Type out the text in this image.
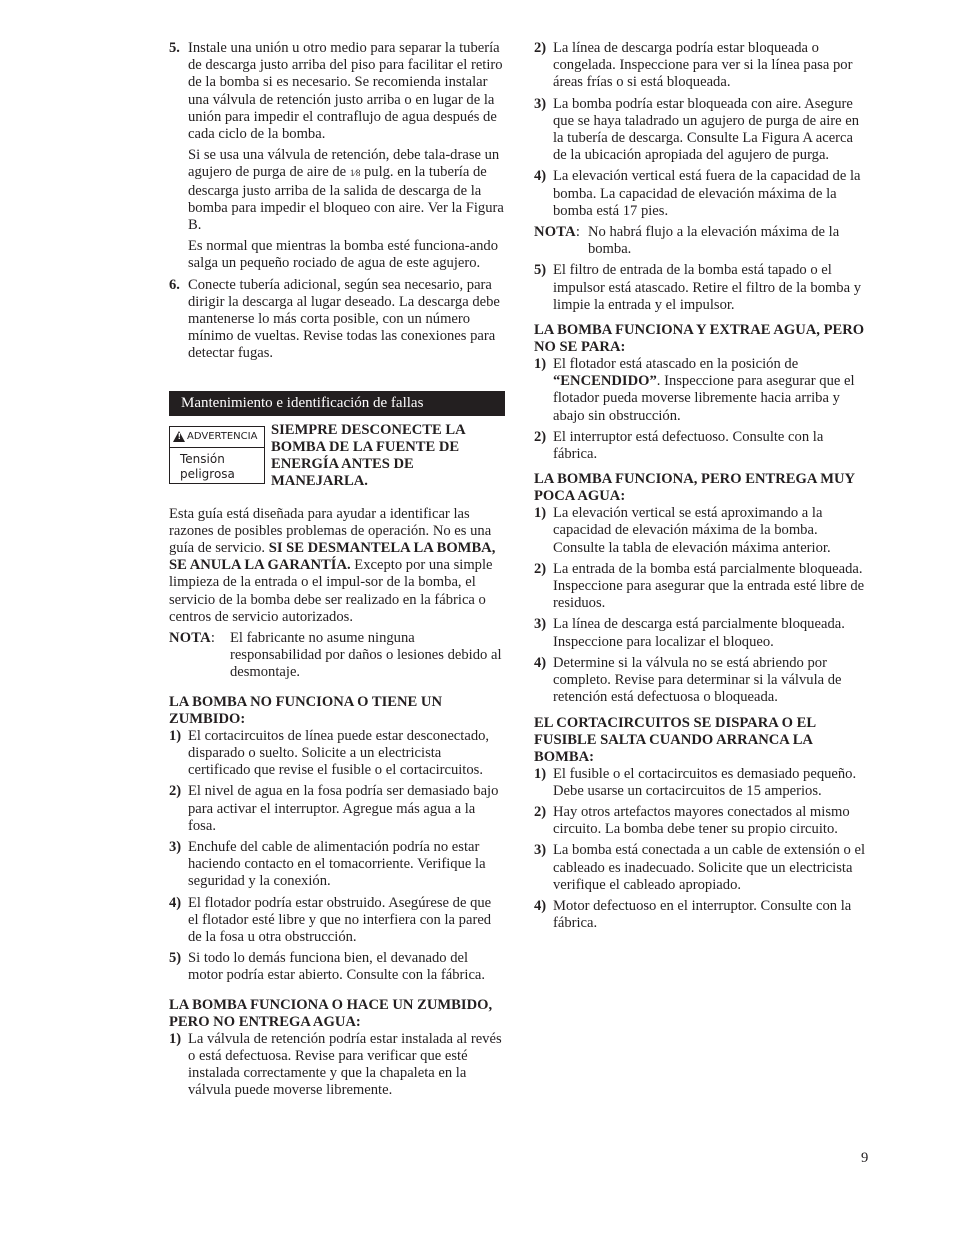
5. Instale una unión u otro medio para separar la tubería de descarga justo arriba del piso para facilitar el retiro de la bomba si es necesario. Se recomienda instalar una válvula de retención justo arriba o en lugar de la unión para impedir el contraflujo de agua después de cada ciclo de la bomba.

Si se usa una válvula de retención, debe tala-drase un agujero de purga de aire de 1⁄8 pulg. en la tubería de descarga justo arriba de la salida de descarga de la bomba para impedir el bloqueo con aire. Ver la Figura B.

Es normal que mientras la bomba esté funciona-ando salga un pequeño rociado de agua de este agujero.

6. Conecte tubería adicional, según sea necesario, para dirigir la descarga al lugar deseado. La descarga debe mantenerse lo más corta posible, con un número mínimo de vueltas. Revise todas las conexiones para detectar fugas.
Mantenimiento e identificación de fallas
! ADVERTENCIA
Tensión peligrosa
SIEMPRE DESCONECTE LA BOMBA DE LA FUENTE DE ENERGÍA ANTES DE MANEJARLA.

Esta guía está diseñada para ayudar a identificar las razones de posibles problemas de operación. No es una guía de servicio. SI SE DESMANTELA LA BOMBA, SE ANULA LA GARANTÍA. Excepto por una simple limpieza de la entrada o el impul-sor de la bomba, el servicio de la bomba debe ser realizado en la fábrica o centros de servicio autorizados.

NOTA : El fabricante no asume ninguna responsabilidad por daños o lesiones debido al desmontaje.
LA BOMBA NO FUNCIONA O TIENE UN ZUMBIDO:
1) El cortacircuitos de línea puede estar desconectado, disparado o suelto. Solicite a un electricista certificado que revise el fusible o el cortacircuitos.
2) El nivel de agua en la fosa podría ser demasiado bajo para activar el interruptor. Agregue más agua a la fosa.
3) Enchufe del cable de alimentación podría no estar haciendo contacto en el tomacorriente. Verifique la seguridad y la conexión.
4) El flotador podría estar obstruido. Asegúrese de que el flotador esté libre y que no interfiera con la pared de la fosa u otra obstrucción.
5) Si todo lo demás funciona bien, el devanado del motor podría estar abierto. Consulte con la fábrica.
LA BOMBA FUNCIONA O HACE UN ZUMBIDO, PERO NO ENTREGA AGUA:
1) La válvula de retención podría estar instalada al revés o está defectuosa. Revise para verificar que esté instalada correctamente y que la chapaleta en la válvula puede moverse libremente.
2) La línea de descarga podría estar bloqueada o congelada. Inspeccione para ver si la línea pasa por áreas frías o si está bloqueada.
3) La bomba podría estar bloqueada con aire. Asegure que se haya taladrado un agujero de purga de aire en la tubería de descarga. Consulte La Figura A acerca de la ubicación apropiada del agujero de purga.
4) La elevación vertical está fuera de la capacidad de la bomba. La capacidad de elevación máxima de la bomba está 17 pies.
NOTA : No habrá flujo a la elevación máxima de la bomba.
5) El filtro de entrada de la bomba está tapado o el impulsor está atascado. Retire el filtro de la bomba y limpie la entrada y el impulsor.
LA BOMBA FUNCIONA Y EXTRAE AGUA, PERO NO SE PARA:
1) El flotador está atascado en la posición de “ENCENDIDO”. Inspeccione para asegurar que el flotador pueda moverse libremente hacia arriba y abajo sin obstrucción.
2) El interruptor está defectuoso. Consulte con la fábrica.
LA BOMBA FUNCIONA, PERO ENTREGA MUY POCA AGUA:
1) La elevación vertical se está aproximando a la capacidad de elevación máxima de la bomba. Consulte la tabla de elevación máxima anterior.
2) La entrada de la bomba está parcialmente bloqueada. Inspeccione para asegurar que la entrada esté libre de residuos.
3) La línea de descarga está parcialmente bloqueada. Inspeccione para localizar el bloqueo.
4) Determine si la válvula no se está abriendo por completo. Revise para determinar si la válvula de retención está defectuosa o bloqueada.
EL CORTACIRCUITOS SE DISPARA O EL FUSIBLE SALTA CUANDO ARRANCA LA BOMBA:
1) El fusible o el cortacircuitos es demasiado pequeño. Debe usarse un cortacircuitos de 15 amperios.
2) Hay otros artefactos mayores conectados al mismo circuito. La bomba debe tener su propio circuito.
3) La bomba está conectada a un cable de extensión o el cableado es inadecuado. Solicite que un electricista verifique el cableado apropiado.
4) Motor defectuoso en el interruptor. Consulte con la fábrica.
9
